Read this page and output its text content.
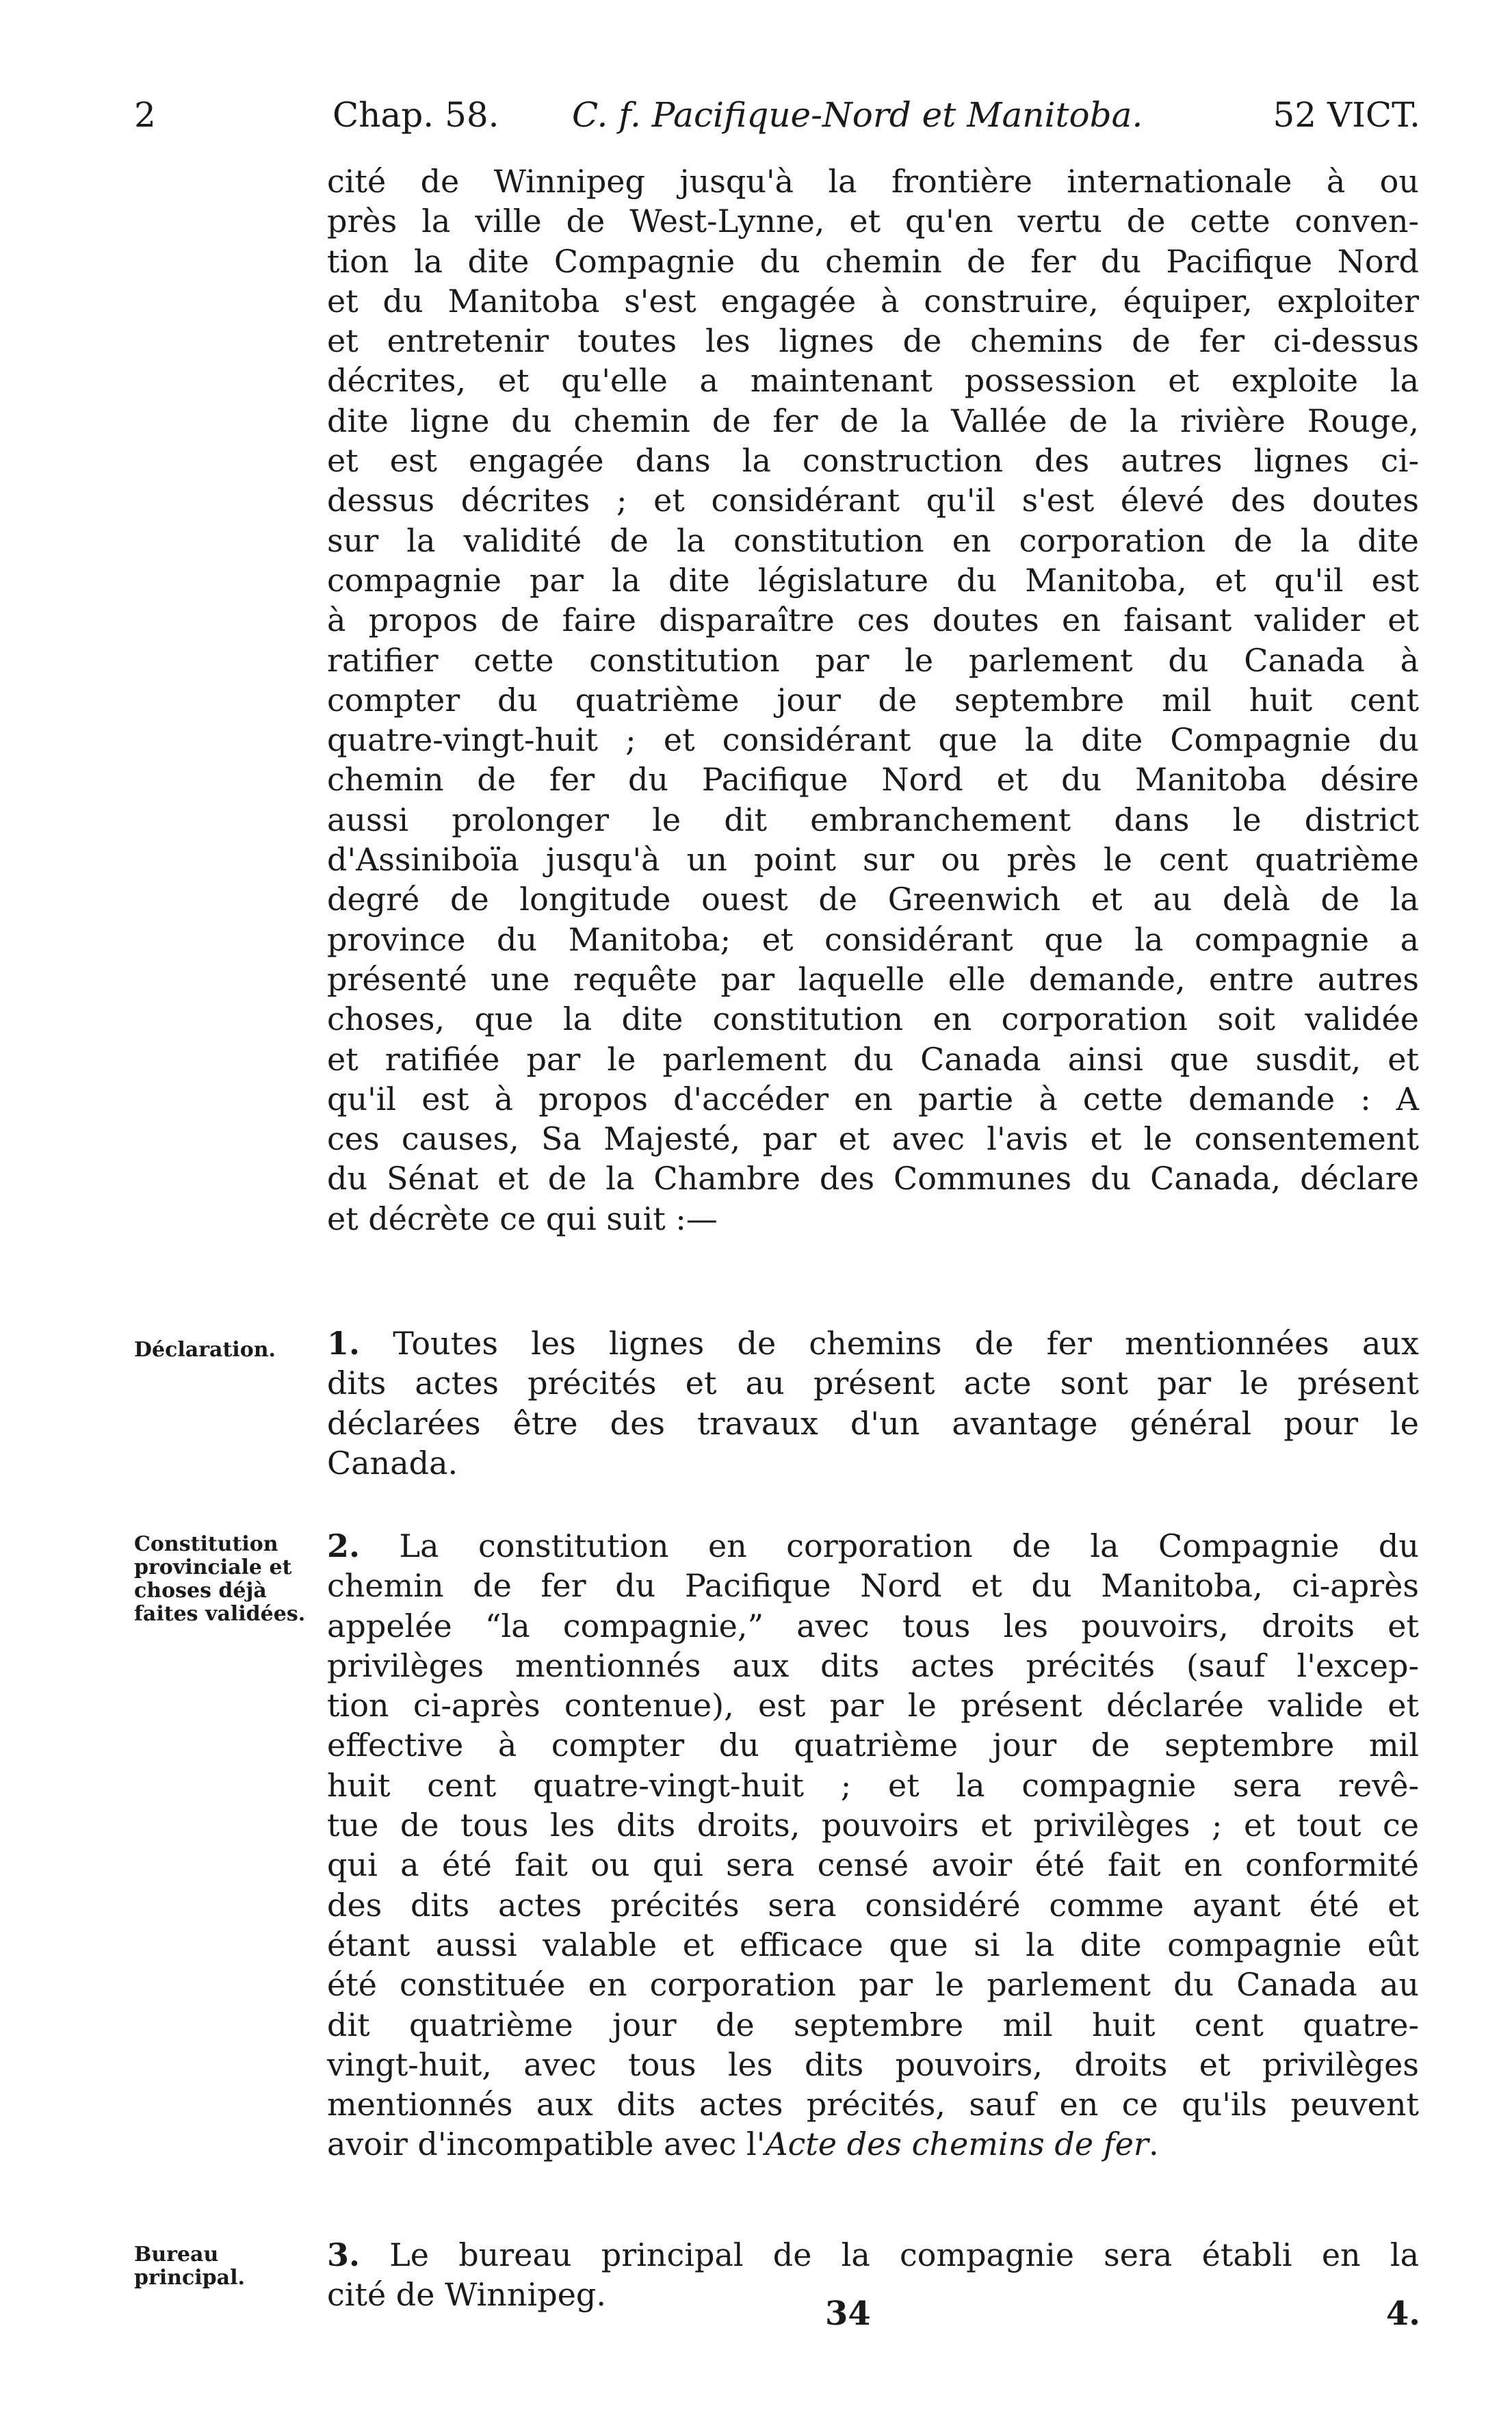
2	Chap. 58. C. f. Pacifique-Nord et Manitoba.	52 VICT.
cité de Winnipeg jusqu'à la frontière internationale à ou
près la ville de West-Lynne, et qu'en vertu de cette conven-
tion la dite Compagnie du chemin de fer du Pacifique Nord
et du Manitoba s'est engagée à construire, équiper, exploiter
et entretenir toutes les lignes de chemins de fer ci-dessus
décrites, et qu'elle a maintenant possession et exploite la
dite ligne du chemin de fer de la Vallée de la rivière Rouge,
et est engagée dans la construction des autres lignes ci-
dessus décrites ; et considérant qu'il s'est élevé des doutes
sur la validité de la constitution en corporation de la dite
compagnie par la dite législature du Manitoba, et qu'il est
à propos de faire disparaître ces doutes en faisant valider et
ratifier cette constitution par le parlement du Canada à
compter du quatrième jour de septembre mil huit cent
quatre-vingt-huit ; et considérant que la dite Compagnie du
chemin de fer du Pacifique Nord et du Manitoba désire
aussi prolonger le dit embranchement dans le district
d'Assiniboïa jusqu'à un point sur ou près le cent quatrième
degré de longitude ouest de Greenwich et au delà de la
province du Manitoba; et considérant que la compagnie a
présenté une requête par laquelle elle demande, entre autres
choses, que la dite constitution en corporation soit validée
et ratifiée par le parlement du Canada ainsi que susdit, et
qu'il est à propos d'accéder en partie à cette demande : A
ces causes, Sa Majesté, par et avec l'avis et le consentement
du Sénat et de la Chambre des Communes du Canada, déclare
et décrète ce qui suit :—
Déclaration.	1. Toutes les lignes de chemins de fer mentionnées aux
dits actes précités et au présent acte sont par le présent
déclarées être des travaux d'un avantage général pour le
Canada.
Constitution provinciale et choses déjà faites validées.
2. La constitution en corporation de la Compagnie du
chemin de fer du Pacifique Nord et du Manitoba, ci-après
appelée “la compagnie,” avec tous les pouvoirs, droits et
privilèges mentionnés aux dits actes précités (sauf l'excep-
tion ci-après contenue), est par le présent déclarée valide et
effective à compter du quatrième jour de septembre mil
huit cent quatre-vingt-huit ; et la compagnie sera revê-
tue de tous les dits droits, pouvoirs et privilèges ; et tout ce
qui a été fait ou qui sera censé avoir été fait en conformité
des dits actes précités sera considéré comme ayant été et
étant aussi valable et efficace que si la dite compagnie eût
été constituée en corporation par le parlement du Canada au
dit quatrième jour de septembre mil huit cent quatre-
vingt-huit, avec tous les dits pouvoirs, droits et privilèges
mentionnés aux dits actes précités, sauf en ce qu'ils peuvent
avoir d'incompatible avec l'Acte des chemins de fer.
Bureau principal.
3. Le bureau principal de la compagnie sera établi en la
cité de Winnipeg.	34	4.
